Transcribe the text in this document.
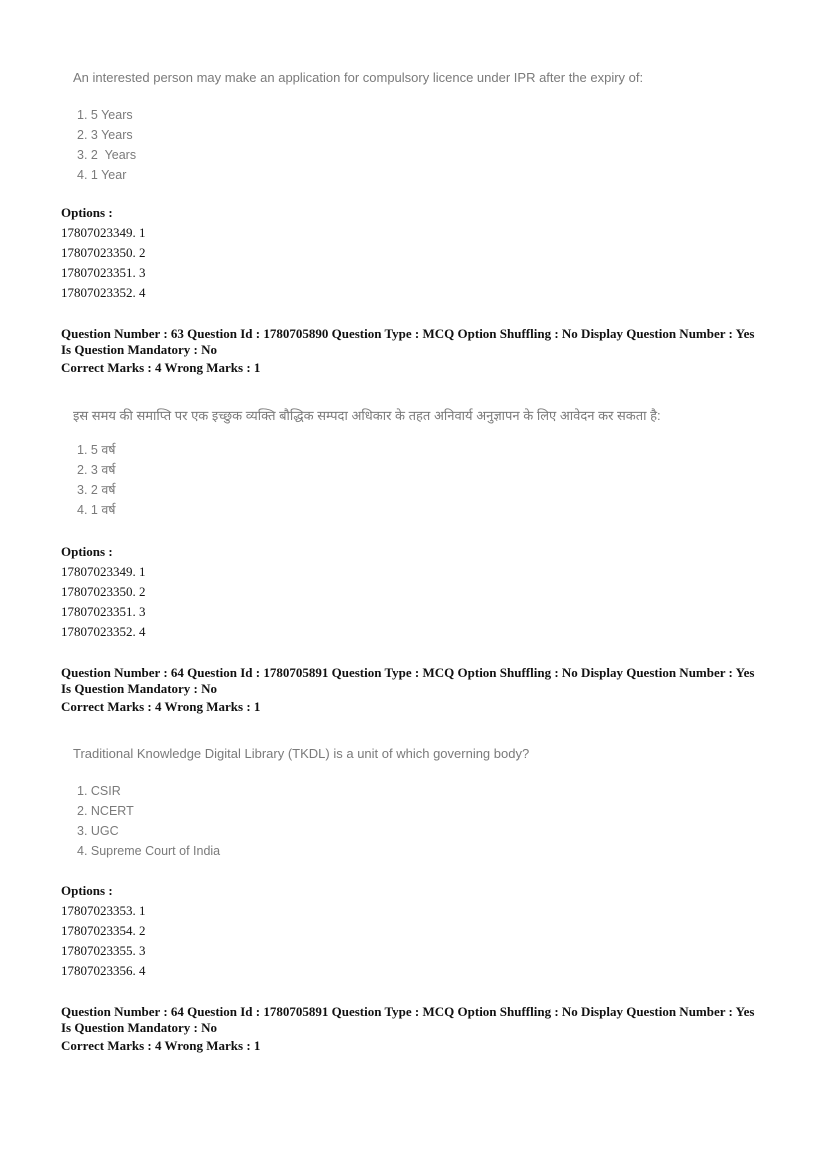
An interested person may make an application for compulsory licence under IPR after the expiry of:
1. 5 Years
2. 3 Years
3. 2  Years
4. 1 Year
Options :
17807023349. 1
17807023350. 2
17807023351. 3
17807023352. 4
Question Number : 63 Question Id : 1780705890 Question Type : MCQ Option Shuffling : No Display Question Number : Yes
Is Question Mandatory : No
Correct Marks : 4 Wrong Marks : 1
इस समय की समाप्ति पर एक इच्छुक व्यक्ति बौद्धिक सम्पदा अधिकार के तहत अनिवार्य अनुज्ञापन के लिए आवेदन कर सकता है:
1. 5 वर्ष
2. 3 वर्ष
3. 2 वर्ष
4. 1 वर्ष
Options :
17807023349. 1
17807023350. 2
17807023351. 3
17807023352. 4
Question Number : 64 Question Id : 1780705891 Question Type : MCQ Option Shuffling : No Display Question Number : Yes
Is Question Mandatory : No
Correct Marks : 4 Wrong Marks : 1
Traditional Knowledge Digital Library (TKDL) is a unit of which governing body?
1. CSIR
2. NCERT
3. UGC
4. Supreme Court of India
Options :
17807023353. 1
17807023354. 2
17807023355. 3
17807023356. 4
Question Number : 64 Question Id : 1780705891 Question Type : MCQ Option Shuffling : No Display Question Number : Yes
Is Question Mandatory : No
Correct Marks : 4 Wrong Marks : 1
